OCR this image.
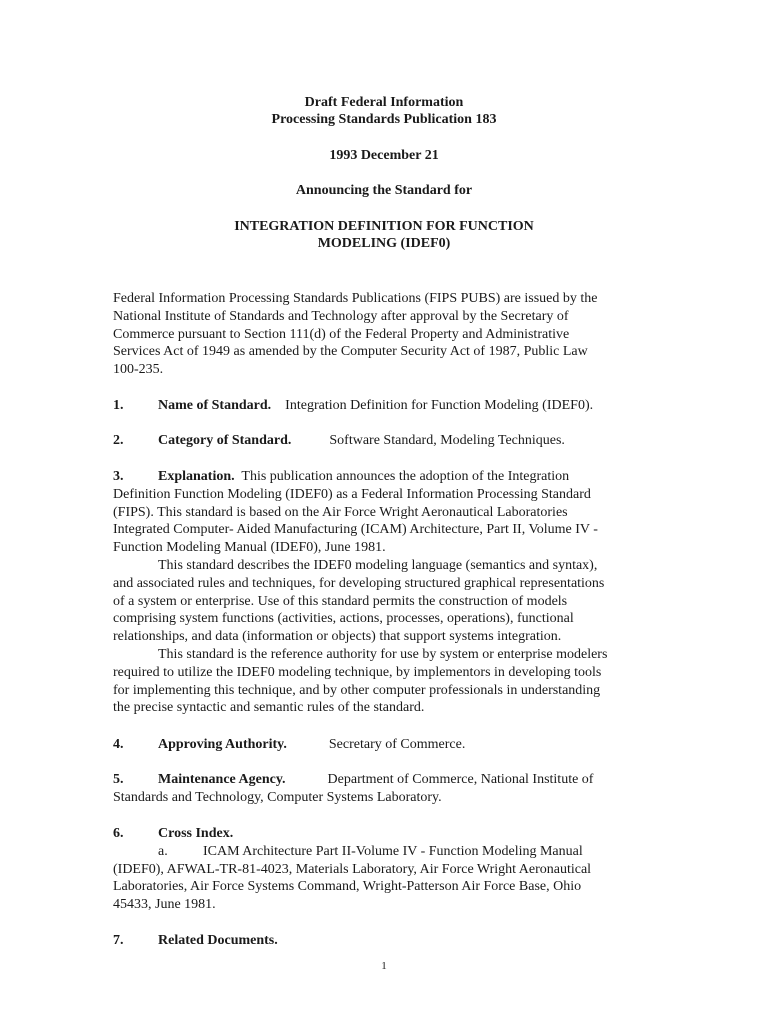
Draft Federal Information
Processing Standards Publication 183
1993 December 21
Announcing the Standard for
INTEGRATION DEFINITION FOR FUNCTION
MODELING (IDEF0)

Federal Information Processing Standards Publications (FIPS PUBS) are issued by the
National Institute of Standards and Technology after approval by the Secretary of
Commerce pursuant to Section 111(d) of the Federal Property and Administrative
Services Act of 1949 as amended by the Computer Security Act of 1987, Public Law
100-235.

1. Name of Standard. Integration Definition for Function Modeling (IDEF0).
2. Category of Standard.	Software Standard, Modeling Techniques.

3. Explanation. This publication announces the adoption of the Integration
Definition Function Modeling (IDEF0) as a Federal Information Processing Standard
(FIPS). This standard is based on the Air Force Wright Aeronautical Laboratories
Integrated Computer- Aided Manufacturing (ICAM) Architecture, Part II, Volume IV -
Function Modeling Manual (IDEF0), June 1981.

This standard describes the IDEF0 modeling language (semantics and syntax),
and associated rules and techniques, for developing structured graphical representations
of a system or enterprise. Use of this standard permits the construction of models
comprising system functions (activities, actions, processes, operations), functional
relationships, and data (information or objects) that support systems integration.

This standard is the reference authority for use by system or enterprise modelers
required to utilize the IDEF0 modeling technique, by implementors in developing tools
for implementing this technique, and by other computer professionals in understanding
the precise syntactic and semantic rules of the standard.

4. Approving Authority.	Secretary of Commerce.

5. Maintenance Agency.	Department of Commerce, National Institute of
Standards and Technology, Computer Systems Laboratory.

6. Cross Index.

a.	ICAM Architecture Part II-Volume IV - Function Modeling Manual
(IDEF0), AFWAL-TR-81-4023, Materials Laboratory, Air Force Wright Aeronautical
Laboratories, Air Force Systems Command, Wright-Patterson Air Force Base, Ohio
45433, June 1981.

7. Related Documents.
1
